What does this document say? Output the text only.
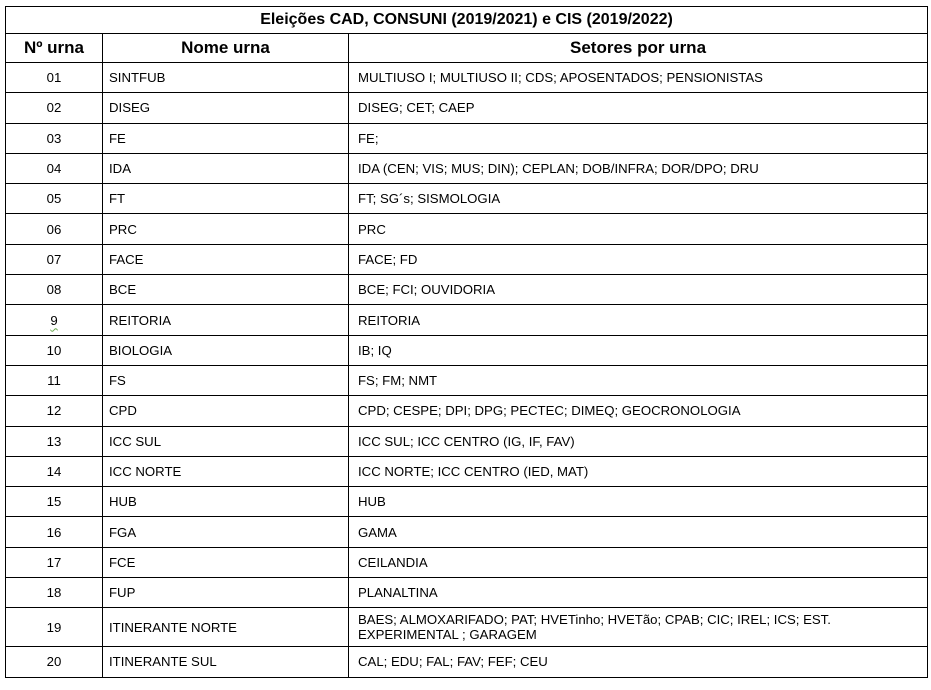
Eleições CAD, CONSUNI (2019/2021) e CIS (2019/2022)		
Nº urna	Nome urna	Setores por urna
01	SINTFUB	MULTIUSO I; MULTIUSO II; CDS; APOSENTADOS; PENSIONISTAS
02	DISEG	DISEG; CET; CAEP
03	FE	FE;
04	IDA	IDA (CEN; VIS; MUS; DIN); CEPLAN; DOB/INFRA; DOR/DPO; DRU
05	FT	FT; SG´s; SISMOLOGIA
06	PRC	PRC
07	FACE	FACE; FD
08	BCE	BCE; FCI; OUVIDORIA
9	REITORIA	REITORIA
10	BIOLOGIA	IB; IQ
11	FS	FS; FM; NMT
12	CPD	CPD; CESPE; DPI; DPG; PECTEC; DIMEQ; GEOCRONOLOGIA
13	ICC SUL	ICC SUL; ICC CENTRO (IG, IF, FAV)
14	ICC NORTE	ICC NORTE; ICC CENTRO (IED, MAT)
15	HUB	HUB
16	FGA	GAMA
17	FCE	CEILANDIA
18	FUP	PLANALTINA
19	ITINERANTE NORTE	BAES; ALMOXARIFADO; PAT; HVETinho; HVETão; CPAB; CIC; IREL; ICS; EST. EXPERIMENTAL ; GARAGEM
20	ITINERANTE SUL	CAL; EDU; FAL; FAV; FEF; CEU
